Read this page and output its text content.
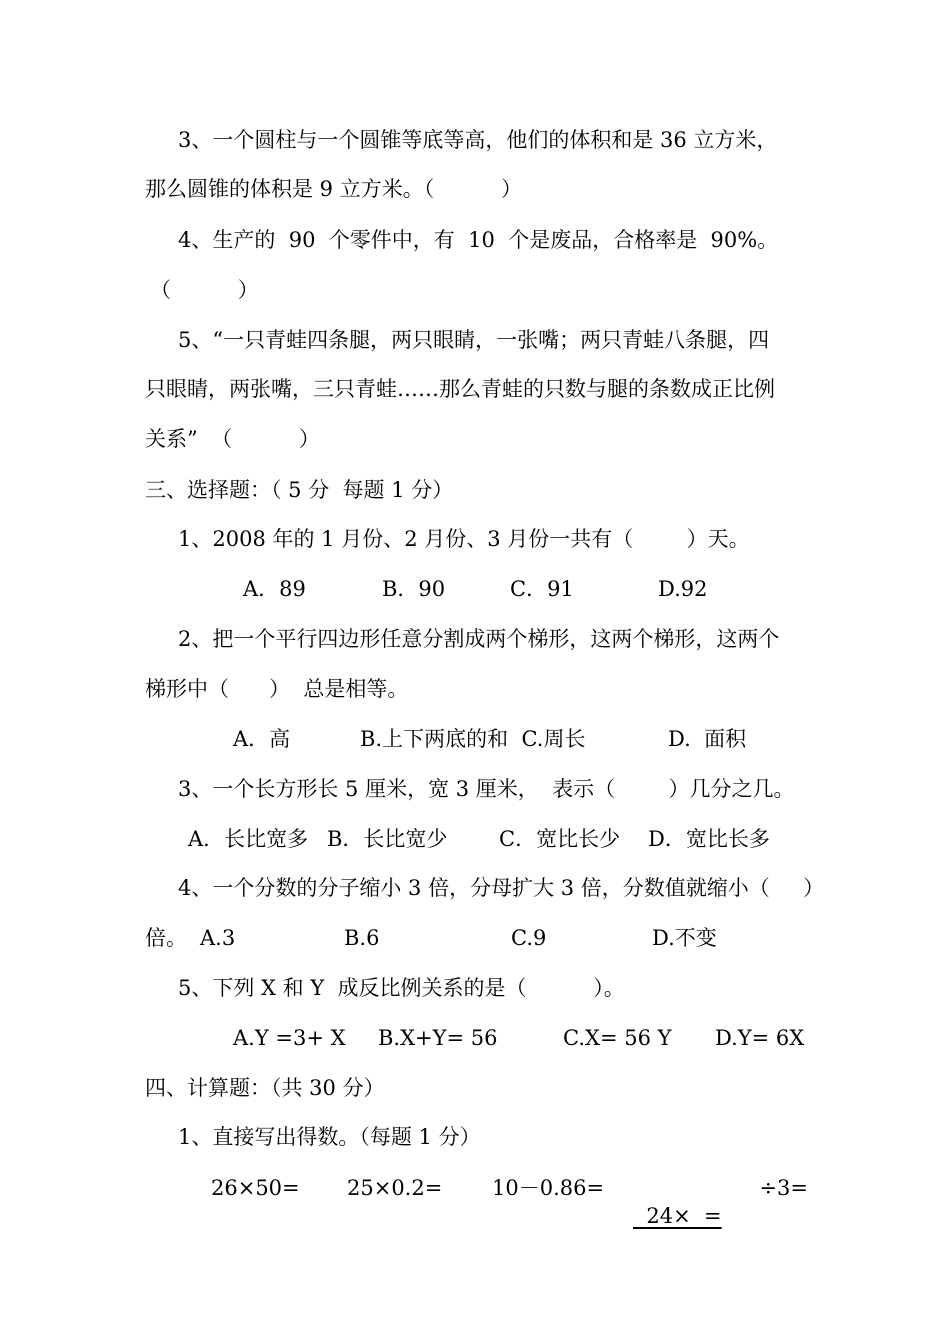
3、一个圆柱与一个圆锥等底等高，他们的体积和是 36 立方米，
那么圆锥的体积是 9 立方米。（          ）
4、生产的  90  个零件中，有  10  个是废品，合格率是  90%。
（          ）
5、“一只青蛙四条腿，两只眼睛，一张嘴；两只青蛙八条腿，四
只眼睛，两张嘴，三只青蛙……那么青蛙的只数与腿的条数成正比例
关系”  （          ）
三、选择题：（ 5 分  每题 1 分）
1、2008 年的 1 月份、2 月份、3 月份一共有（        ）天。
A．89	B．90	C．91	D.92
2、把一个平行四边形任意分割成两个梯形，这两个梯形，这两个
梯形中（      ）  总是相等。
A．高	B.上下两底的和  C.周长	D.  面积
3、一个长方形长 5 厘米，宽 3 厘米，  表示（        ）几分之几。
A．长比宽多 B．长比宽少 C．宽比长少 D．宽比长多
4、一个分数的分子缩小 3 倍，分母扩大 3 倍，分数值就缩小（     ）
倍。 A.3	B.6	C.9	D.不变
5、下列 X 和 Y  成反比例关系的是（          ）。
A.Y =3+ X B.X+Y= 56	C.X= 56 Y D.Y= 6X
四、计算题：（共 30 分）
1、直接写出得数。（每题 1 分）
26×50= 25×0.2= 10－0.86=

24×  =
÷3=
